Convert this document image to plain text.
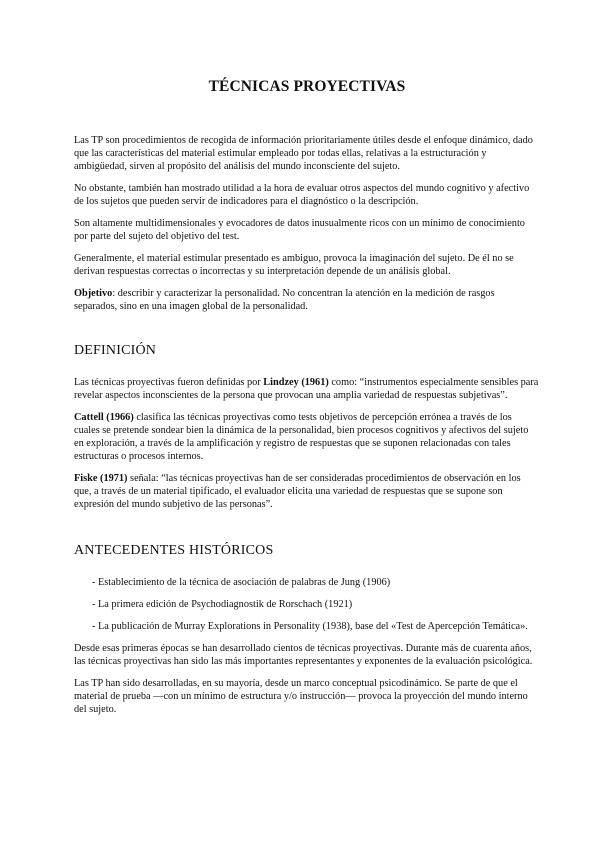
TÉCNICAS PROYECTIVAS

Las TP son procedimientos de recogida de información prioritariamente útiles desde el enfoque dinámico, dado que las características del material estimular empleado por todas ellas, relativas a la estructuración y ambigüedad, sirven al propósito del análisis del mundo inconsciente del sujeto.

No obstante, también han mostrado utilidad a la hora de evaluar otros aspectos del mundo cognitivo y afectivo de los sujetos que pueden servir de indicadores para el diagnóstico o la descripción.

Son altamente multidimensionales y evocadores de datos inusualmente ricos con un mínimo de conocimiento por parte del sujeto del objetivo del test.

Generalmente, el material estimular presentado es ambiguo, provoca la imaginación del sujeto. De él no se derivan respuestas correctas o incorrectas y su interpretación depende de un análisis global.

Objetivo: describir y caracterizar la personalidad. No concentran la atención en la medición de rasgos separados, sino en una imagen global de la personalidad.

DEFINICIÓN

Las técnicas proyectivas fueron definidas por Lindzey (1961) como: “instrumentos especialmente sensibles para revelar aspectos inconscientes de la persona que provocan una amplia variedad de respuestas subjetivas”.

Cattell (1966) clasifica las técnicas proyectivas como tests objetivos de percepción errónea a través de los cuales se pretende sondear bien la dinámica de la personalidad, bien procesos cognitivos y afectivos del sujeto en exploración, a través de la amplificación y registro de respuestas que se suponen relacionadas con tales estructuras o procesos internos.

Fiske (1971) señala: “las técnicas proyectivas han de ser consideradas procedimientos de observación en los que, a través de un material tipificado, el evaluador elicita una variedad de respuestas que se supone son expresión del mundo subjetivo de las personas”.

ANTECEDENTES HISTÓRICOS
- Establecimiento de la técnica de asociación de palabras de Jung (1906)
- La primera edición de Psychodiagnostik de Rorschach (1921)
- La publicación de Murray Explorations in Personality (1938), base del «Test de Apercepción Temática».

Desde esas primeras épocas se han desarrollado cientos de técnicas proyectivas. Durante más de cuarenta años, las técnicas proyectivas han sido las más importantes representantes y exponentes de la evaluación psicológica.

Las TP han sido desarrolladas, en su mayoría, desde un marco conceptual psicodinámico. Se parte de que el material de prueba —con un mínimo de estructura y/o instrucción— provoca la proyección del mundo interno del sujeto.
